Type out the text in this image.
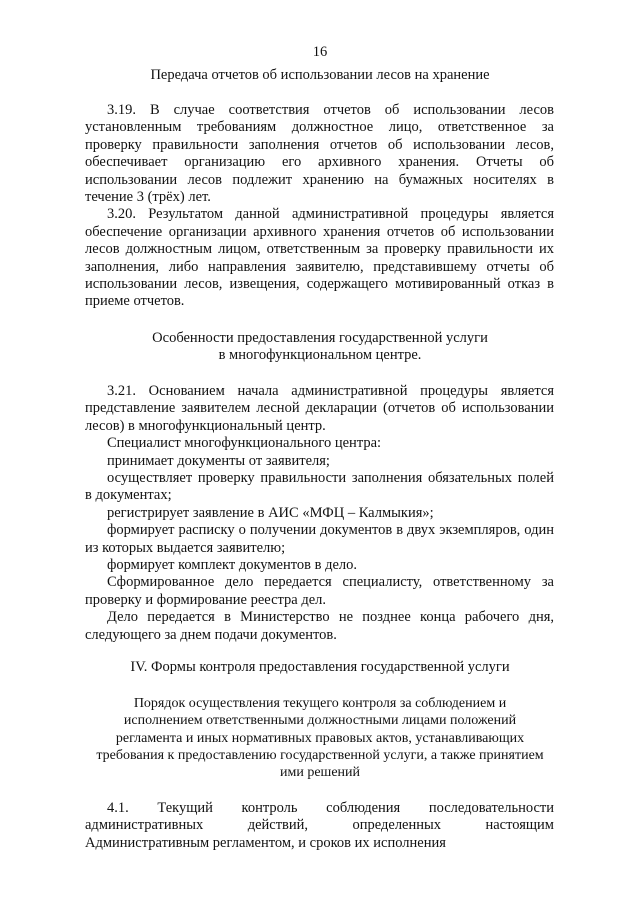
16
Передача отчетов об использовании лесов на хранение

3.19. В случае соответствия отчетов об использовании лесов установленным требованиям должностное лицо, ответственное за проверку правильности заполнения отчетов об использовании лесов, обеспечивает организацию его архивного хранения. Отчеты об использовании лесов подлежит хранению на бумажных носителях в течение 3 (трёх) лет.

3.20. Результатом данной административной процедуры является обеспечение организации архивного хранения отчетов об использовании лесов должностным лицом, ответственным за проверку правильности их заполнения, либо направления заявителю, представившему отчеты об использовании лесов, извещения, содержащего мотивированный отказ в приеме отчетов.

Особенности предоставления государственной услуги
в многофункциональном центре.

3.21. Основанием начала административной процедуры является представление заявителем лесной декларации (отчетов об использовании лесов) в многофункциональный центр.

Специалист многофункционального центра:

принимает документы от заявителя;

осуществляет проверку правильности заполнения обязательных полей в документах;

регистрирует заявление в АИС «МФЦ – Калмыкия»;

формирует расписку о получении документов в двух экземпляров, один из которых выдается заявителю;

формирует комплект документов в дело.

Сформированное дело передается специалисту, ответственному за проверку и формирование реестра дел.

Дело передается в Министерство не позднее конца рабочего дня, следующего за днем подачи документов.

IV. Формы контроля предоставления государственной услуги
Порядок осуществления текущего контроля за соблюдением и
исполнением ответственными должностными лицами положений
регламента и иных нормативных правовых актов, устанавливающих
требования к предоставлению государственной услуги, а также принятием
ими решений

4.1. Текущий контроль соблюдения последовательности административных действий, определенных настоящим Административным регламентом, и сроков их исполнения
